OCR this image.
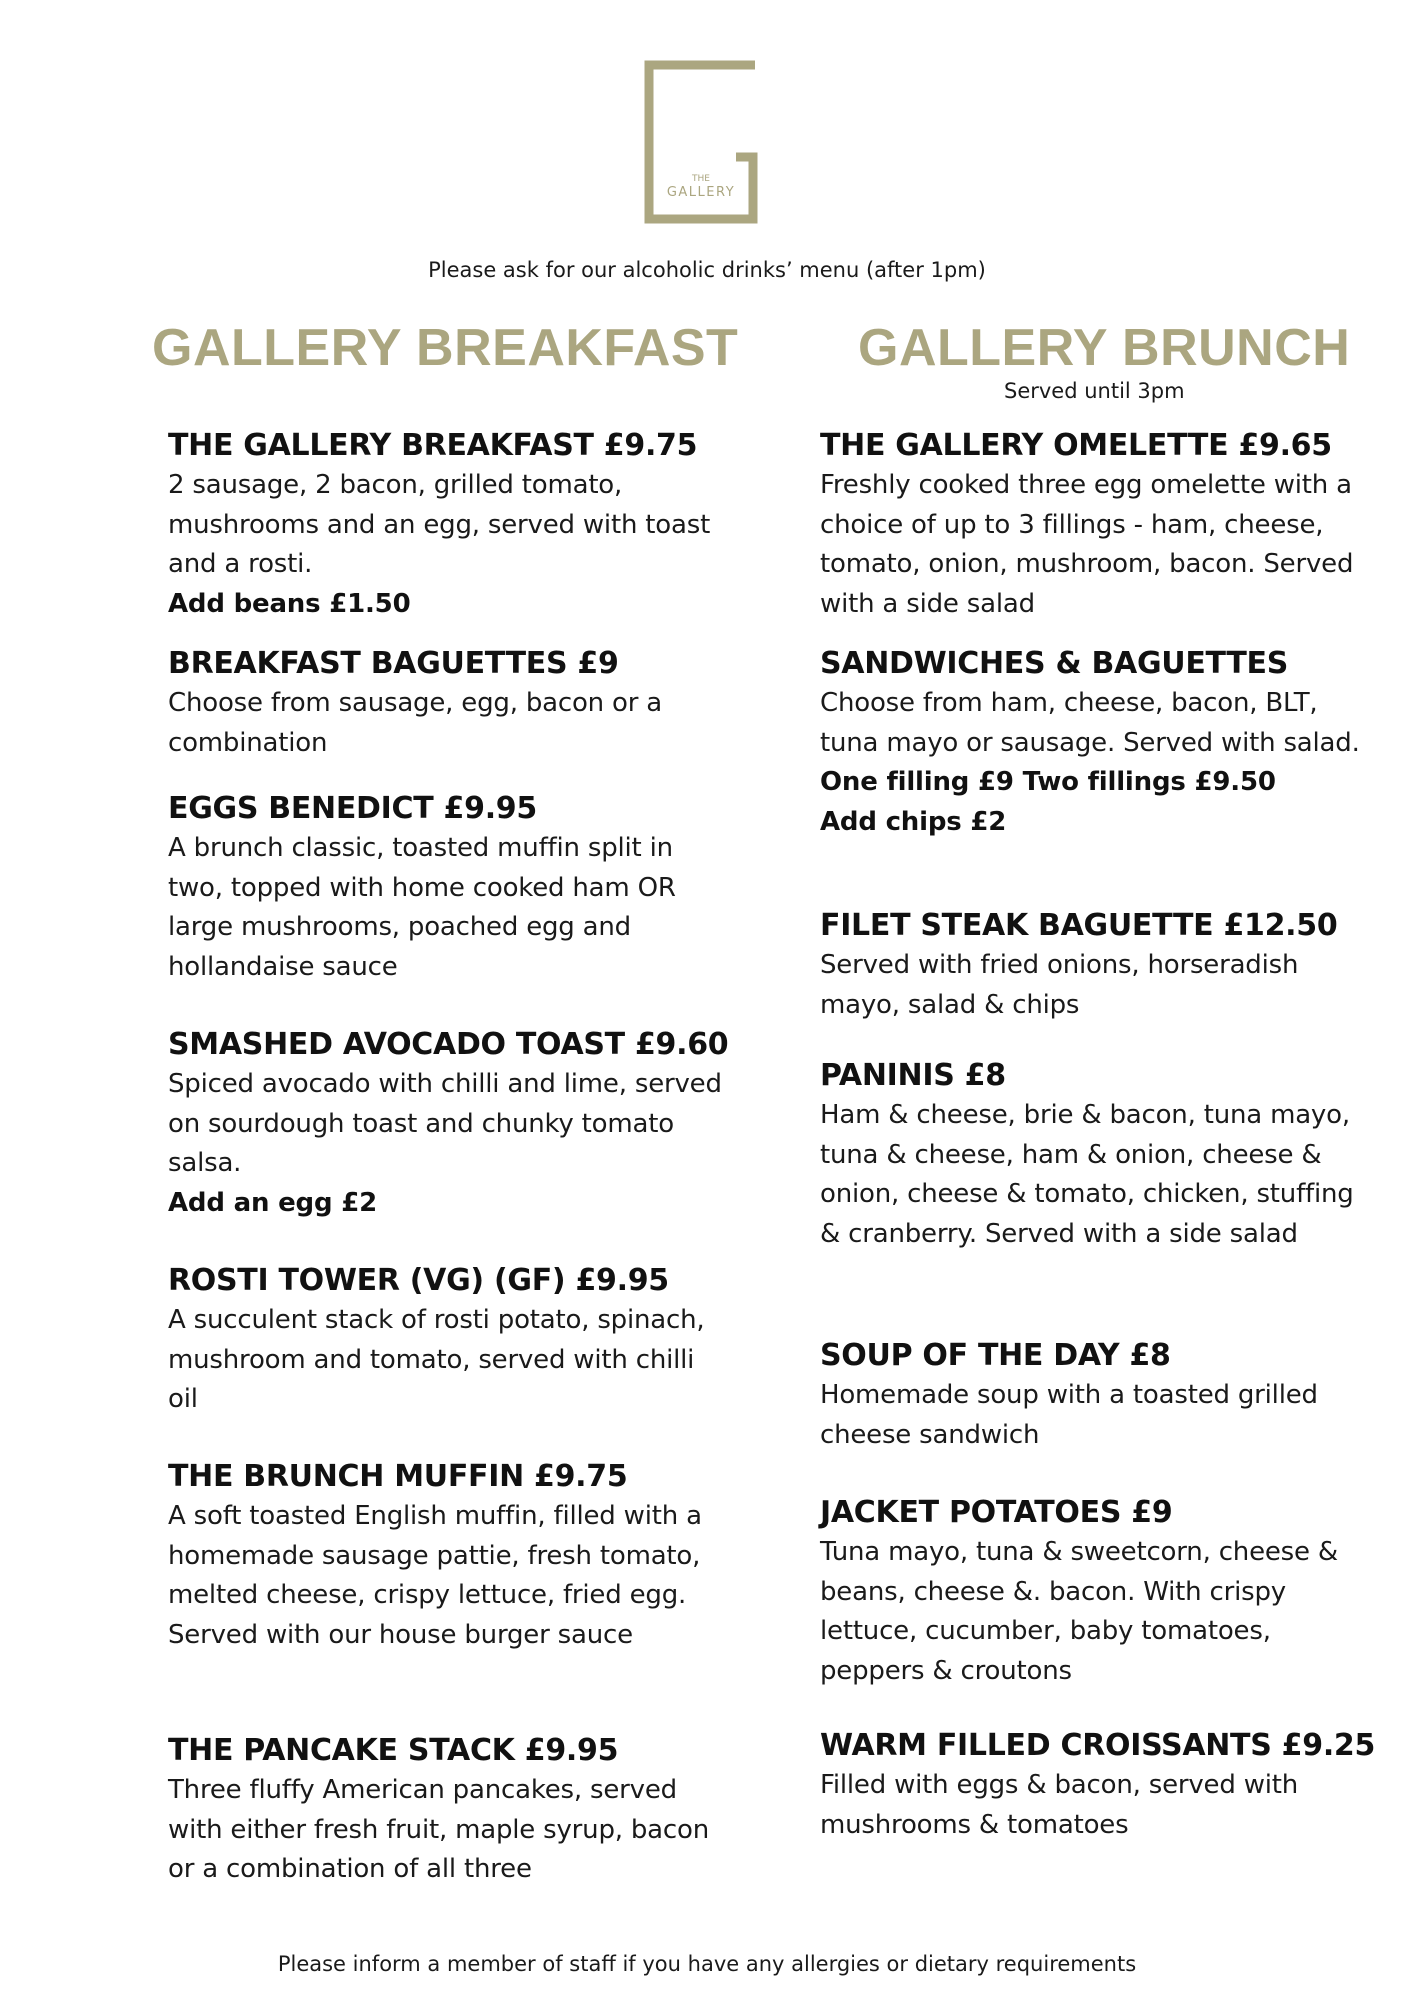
THE
GALLERY
Please ask for our alcoholic drinks’ menu (after 1pm)
GALLERY BREAKFAST
THE GALLERY BREAKFAST £9.75
2 sausage, 2 bacon, grilled tomato, mushrooms and an egg, served with toast and a rosti.
Add beans £1.50
BREAKFAST BAGUETTES £9
Choose from sausage, egg, bacon or a combination
EGGS BENEDICT £9.95
A brunch classic, toasted muffin split in two, topped with home cooked ham OR large mushrooms, poached egg and hollandaise sauce
SMASHED AVOCADO TOAST £9.60
Spiced avocado with chilli and lime, served on sourdough toast and chunky tomato salsa.
Add an egg £2
ROSTI TOWER (VG) (GF) £9.95
A succulent stack of rosti potato, spinach, mushroom and tomato, served with chilli oil
THE BRUNCH MUFFIN £9.75
A soft toasted English muffin, filled with a homemade sausage pattie, fresh tomato, melted cheese, crispy lettuce, fried egg. Served with our house burger sauce
THE PANCAKE STACK £9.95
Three fluffy American pancakes, served with either fresh fruit, maple syrup, bacon or a combination of all three
GALLERY BRUNCH
Served until 3pm
THE GALLERY OMELETTE £9.65
Freshly cooked three egg omelette with a choice of up to 3 fillings - ham, cheese, tomato, onion, mushroom, bacon. Served with a side salad
SANDWICHES & BAGUETTES
Choose from ham, cheese, bacon, BLT, tuna mayo or sausage. Served with salad.
One filling £9 Two fillings £9.50
Add chips £2
FILET STEAK BAGUETTE £12.50
Served with fried onions, horseradish mayo, salad & chips
PANINIS £8
Ham & cheese, brie & bacon, tuna mayo, tuna & cheese, ham & onion, cheese & onion, cheese & tomato, chicken, stuffing & cranberry. Served with a side salad
SOUP OF THE DAY £8
Homemade soup with a toasted grilled cheese sandwich
JACKET POTATOES £9
Tuna mayo, tuna & sweetcorn, cheese & beans, cheese &. bacon. With crispy lettuce, cucumber, baby tomatoes, peppers & croutons
WARM FILLED CROISSANTS £9.25
Filled with eggs & bacon, served with mushrooms & tomatoes
Please inform a member of staff if you have any allergies or dietary requirements
